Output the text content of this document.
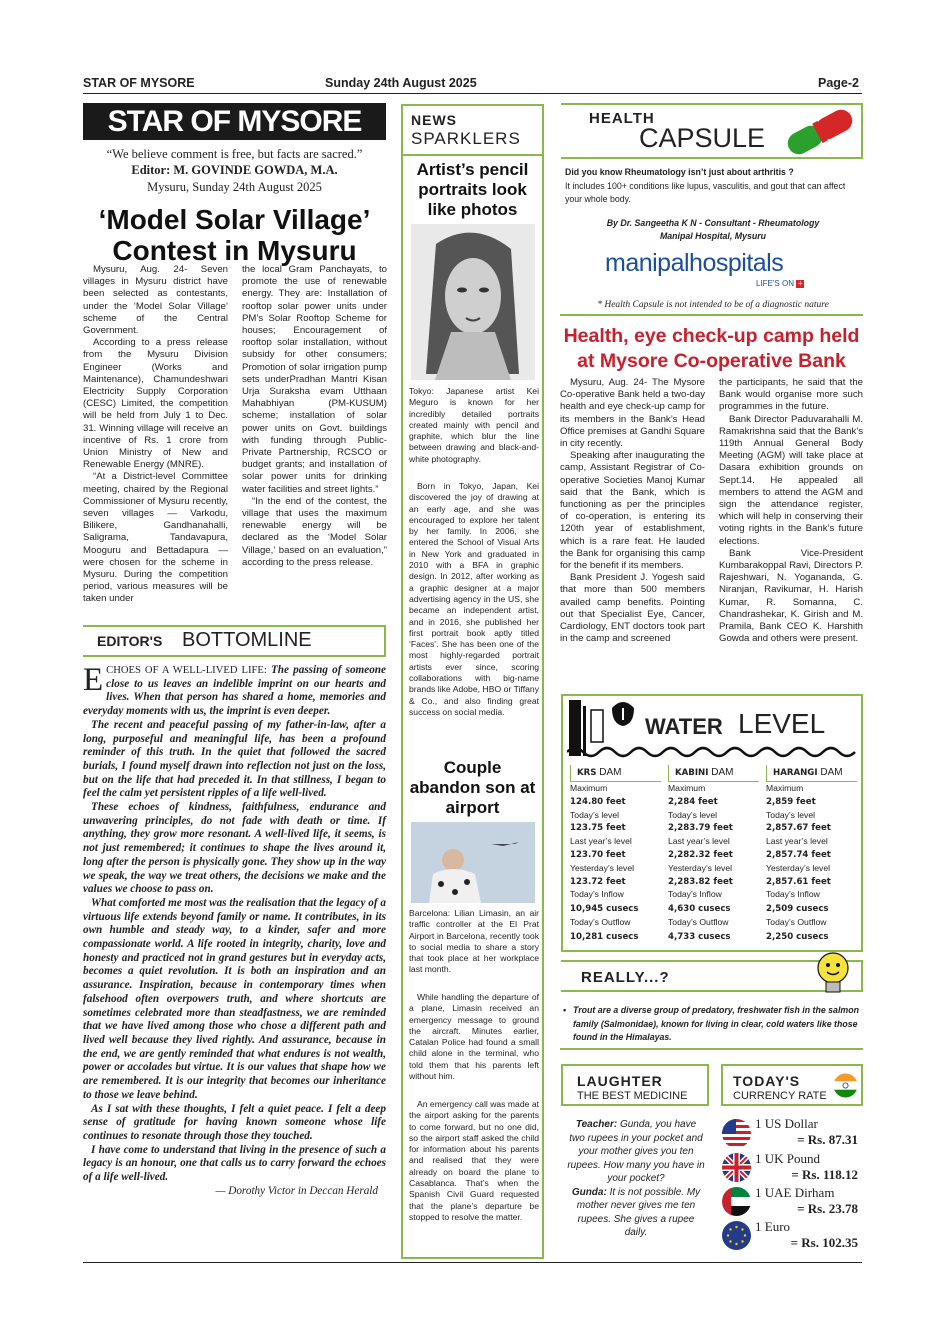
STAR OF MYSORE	Sunday 24th August 2025	Page-2
STAR OF MYSORE
“We believe comment is free, but facts are sacred.”
Editor: M. GOVINDE GOWDA, M.A.
Mysuru, Sunday 24th August 2025
‘Model Solar Village’ Contest in Mysuru

Mysuru, Aug. 24- Seven villages in Mysuru district have been selected as contestants, under the ‘Model Solar Village’ scheme of the Central Government.

According to a press release from the Mysuru Division Engineer (Works and Maintenance), Chamundeshwari Electricity Supply Corporation (CESC) Limited, the competition will be held from July 1 to Dec. 31. Winning village will receive an incentive of Rs. 1 crore from Union Ministry of New and Renewable Energy (MNRE).

“At a District-level Committee meeting, chaired by the Regional Commissioner of Mysuru recently, seven villages — Varkodu, Bilikere, Gandhanahalli, Saligrama, Tandavapura, Mooguru and Bettadapura — were chosen for the scheme in Mysuru. During the competition period, various measures will be taken under

the local Gram Panchayats, to promote the use of renewable energy. They are: Installation of rooftop solar power units under PM’s Solar Rooftop Scheme for houses; Encouragement of rooftop solar installation, without subsidy for other consumers; Promotion of solar irrigation pump sets underPradhan Mantri Kisan Urja Suraksha evam Utthaan Mahabhiyan (PM-KUSUM) scheme; installation of solar power units on Govt. buildings with funding through Public-Private Partnership, RCSCO or budget grants; and installation of solar power units for drinking water facilities and street lights.”

“In the end of the contest, the village that uses the maximum renewable energy will be declared as the ‘Model Solar Village,’ based on an evaluation,” according to the press release.

EDITOR'S BOTTOMLINE

ECHOES OF A WELL-LIVED LIFE: The passing of someone close to us leaves an indelible imprint on our hearts and lives. When that person has shared a home, memories and everyday moments with us, the imprint is even deeper.

The recent and peaceful passing of my father-in-law, after a long, purposeful and meaningful life, has been a profound reminder of this truth. In the quiet that followed the sacred burials, I found myself drawn into reflection not just on the loss, but on the life that had preceded it. In that stillness, I began to feel the calm yet persistent ripples of a life well-lived.

These echoes of kindness, faithfulness, endurance and unwavering principles, do not fade with death or time. If anything, they grow more resonant. A well-lived life, it seems, is not just remembered; it continues to shape the lives around it, long after the person is physically gone. They show up in the way we speak, the way we treat others, the decisions we make and the values we choose to pass on.

What comforted me most was the realisation that the legacy of a virtuous life extends beyond family or name. It contributes, in its own humble and steady way, to a kinder, safer and more compassionate world. A life rooted in integrity, charity, love and honesty and practiced not in grand gestures but in everyday acts, becomes a quiet revolution. It is both an inspiration and an assurance. Inspiration, because in contemporary times when falsehood often overpowers truth, and where shortcuts are sometimes celebrated more than steadfastness, we are reminded that we have lived among those who chose a different path and lived well because they lived rightly. And assurance, because in the end, we are gently reminded that what endures is not wealth, power or accolades but virtue. It is our values that shape how we are remembered. It is our integrity that becomes our inheritance to those we leave behind.

As I sat with these thoughts, I felt a quiet peace. I felt a deep sense of gratitude for having known someone whose life continues to resonate through those they touched.

I have come to understand that living in the presence of such a legacy is an honour, one that calls us to carry forward the echoes of a life well-lived.

— Dorothy Victor in Deccan Herald

NEWS
SPARKLERS
Artist’s pencil portraits look like photos
Tokyo: Japanese artist Kei Meguro is known for her incredibly detailed portraits created mainly with pencil and graphite, which blur the line between drawing and black-and-white photography.
Born in Tokyo, Japan, Kei discovered the joy of drawing at an early age, and she was encouraged to explore her talent by her family. In 2006, she entered the School of Visual Arts in New York and graduated in 2010 with a BFA in graphic design. In 2012, after working as a graphic designer at a major advertising agency in the US, she became an independent artist, and in 2016, she published her first portrait book aptly titled ‘Faces’. She has been one of the most highly-regarded portrait artists ever since, scoring collaborations with big-name brands like Adobe, HBO or Tiffany & Co., and also finding great success on social media.
Couple abandon son at airport
Barcelona: Lilian Limasin, an air traffic controller at the El Prat Airport in Barcelona, recently took to social media to share a story that took place at her workplace last month.
While handling the departure of a plane, Limasin received an emergency message to ground the aircraft. Minutes earlier, Catalan Police had found a small child alone in the terminal, who told them that his parents left without him.
An emergency call was made at the airport asking for the parents to come forward, but no one did, so the airport staff asked the child for information about his parents and realised that they were already on board the plane to Casablanca. That’s when the Spanish Civil Guard requested that the plane’s departure be stopped to resolve the matter.
HEALTH
CAPSULE
Did you know Rheumatology isn’t just about arthritis ?
It includes 100+ conditions like lupus, vasculitis, and gout that can affect your whole body.
By Dr. Sangeetha K N - Consultant - Rheumatology
Manipal Hospital, Mysuru
manipalhospitals
LIFE'S ON +
* Health Capsule is not intended to be of a diagnostic nature
Health, eye check-up camp held at Mysore Co-operative Bank

Mysuru, Aug. 24- The Mysore Co-operative Bank held a two-day health and eye check-up camp for its members in the Bank’s Head Office premises at Gandhi Square in city recently.

Speaking after inaugurating the camp, Assistant Registrar of Co-operative Societies Manoj Kumar said that the Bank, which is functioning as per the principles of co-operation, is entering its 120th year of establishment, which is a rare feat. He lauded the Bank for organising this camp for the benefit if its members.

Bank President J. Yogesh said that more than 500 members availed camp benefits. Pointing out that Specialist Eye, Cancer, Cardiology, ENT doctors took part in the camp and screened

the participants, he said that the Bank would organise more such programmes in the future.

Bank Director Paduvarahalli M. Ramakrishna said that the Bank’s 119th Annual General Body Meeting (AGM) will take place at Dasara exhibition grounds on Sept.14. He appealed all members to attend the AGM and sign the attendance register, which will help in conserving their voting rights in the Bank’s future elections.

Bank Vice-President Kumbarakoppal Ravi, Directors P. Rajeshwari, N. Yogananda, G. Niranjan, Ravikumar, H. Harish Kumar, R. Somanna, C. Chandrashekar, K. Girish and M. Pramila, Bank CEO K. Harshith Gowda and others were present.

WATER LEVEL
KRS DAM
Maximum
124.80 feet
Today’s level
123.75 feet
Last year’s level
123.70 feet
Yesterday’s level
123.72 feet
Today’s Inflow
10,945 cusecs
Today’s Outflow
10,281 cusecs
KABINI DAM
Maximum
2,284 feet
Today’s level
2,283.79 feet
Last year’s level
2,282.32 feet
Yesterday’s level
2,283.82 feet
Today’s Inflow
4,630 cusecs
Today’s Outflow
4,733 cusecs
HARANGI DAM
Maximum
2,859 feet
Today’s level
2,857.67 feet
Last year’s level
2,857.74 feet
Yesterday’s level
2,857.61 feet
Today’s Inflow
2,509 cusecs
Today’s Outflow
2,250 cusecs
REALLY...?
• Trout are a diverse group of predatory, freshwater fish in the salmon family (Salmonidae), known for living in clear, cold waters like those found in the Himalayas.
LAUGHTER
THE BEST MEDICINE
Teacher: Gunda, you have two rupees in your pocket and your mother gives you ten rupees. How many you have in your pocket?
Gunda: It is not possible. My mother never gives me ten rupees. She gives a rupee daily.
TODAY'S
CURRENCY RATE
1 US Dollar
= Rs. 87.31
1 UK Pound
= Rs. 118.12
1 UAE Dirham
= Rs. 23.78
1 Euro
= Rs. 102.35
